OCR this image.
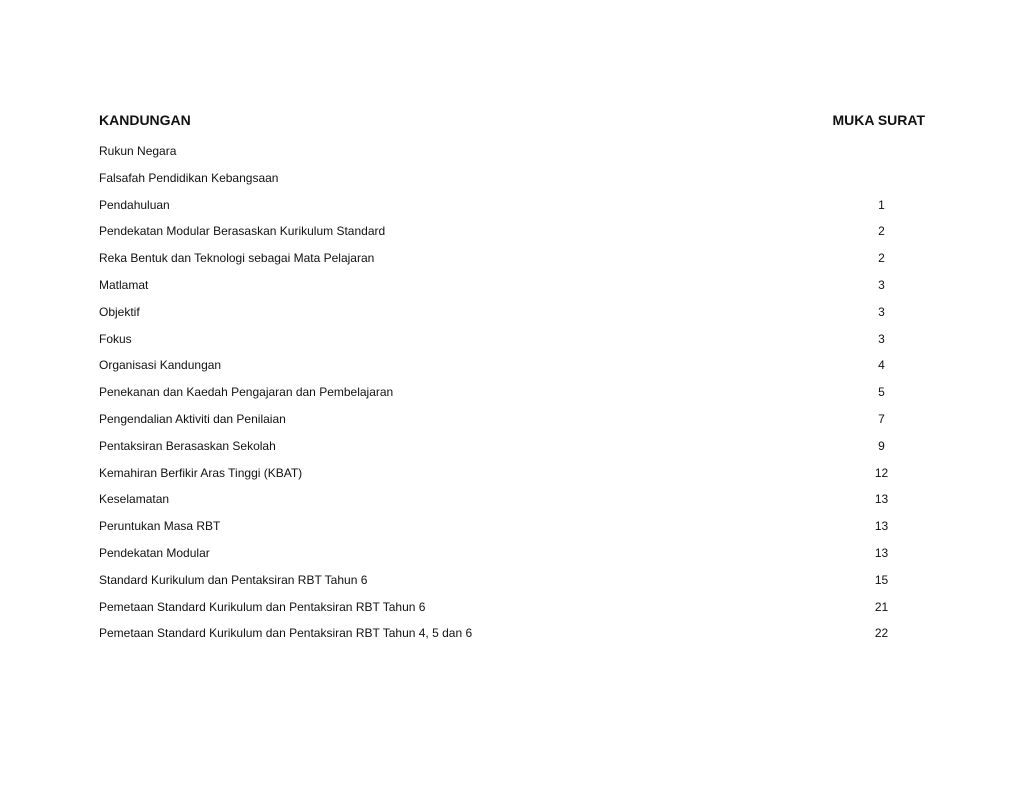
KANDUNGAN	MUKA SURAT
Rukun Negara
Falsafah Pendidikan Kebangsaan
Pendahuluan	1
Pendekatan Modular Berasaskan Kurikulum Standard	2
Reka Bentuk dan Teknologi sebagai Mata Pelajaran	2
Matlamat	3
Objektif	3
Fokus	3
Organisasi Kandungan	4
Penekanan dan Kaedah Pengajaran dan Pembelajaran	5
Pengendalian Aktiviti dan Penilaian	7
Pentaksiran Berasaskan Sekolah	9
Kemahiran Berfikir Aras Tinggi (KBAT)	12
Keselamatan	13
Peruntukan Masa RBT	13
Pendekatan Modular	13
Standard Kurikulum dan Pentaksiran RBT Tahun 6	15
Pemetaan Standard Kurikulum dan Pentaksiran RBT Tahun 6	21
Pemetaan Standard Kurikulum dan Pentaksiran RBT Tahun 4, 5 dan 6	22
